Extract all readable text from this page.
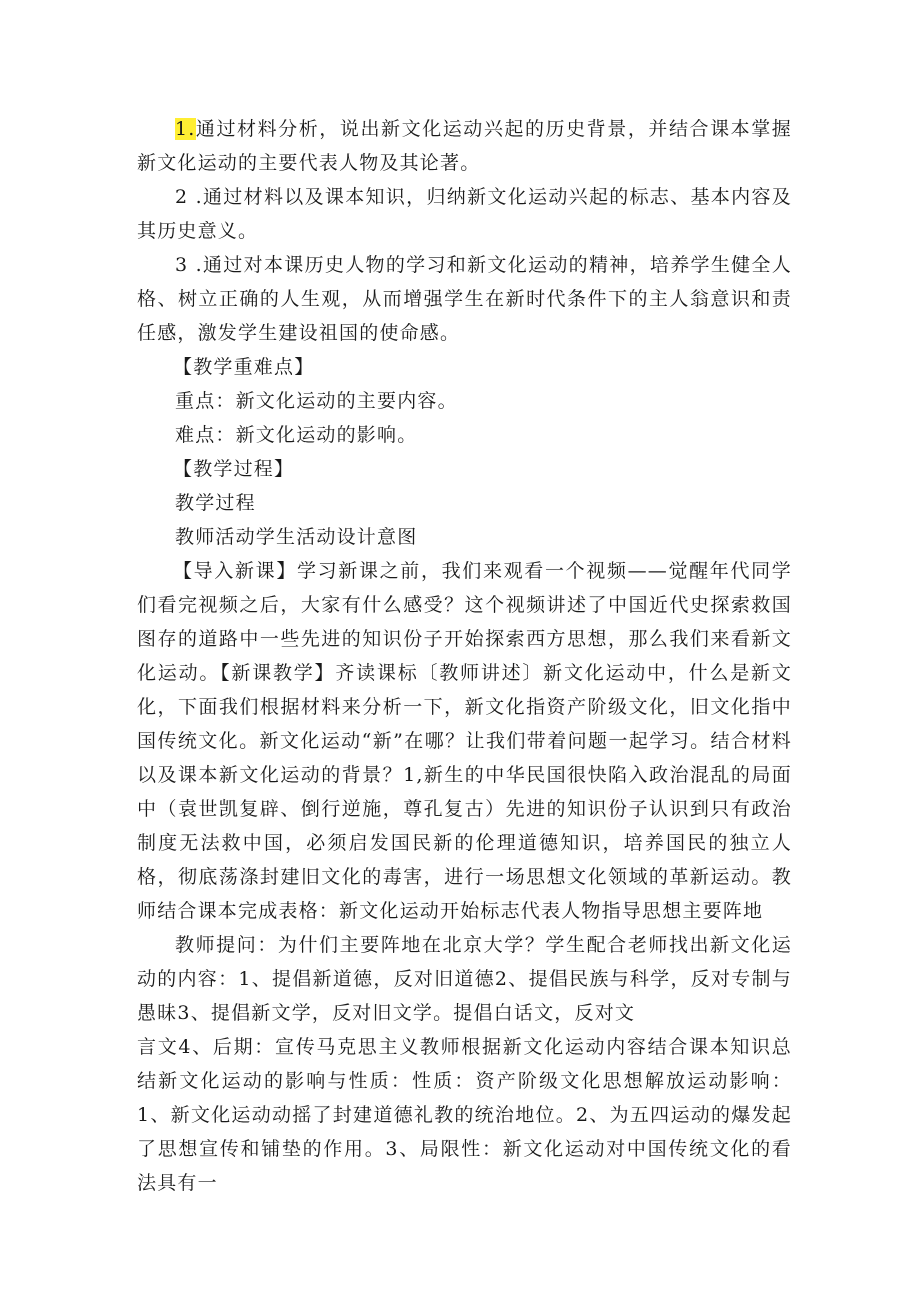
1.通过材料分析，说出新文化运动兴起的历史背景，并结合课本掌握新文化运动的主要代表人物及其论著。

2 .通过材料以及课本知识，归纳新文化运动兴起的标志、基本内容及其历史意义。

3 .通过对本课历史人物的学习和新文化运动的精神，培养学生健全人格、树立正确的人生观，从而增强学生在新时代条件下的主人翁意识和责任感，激发学生建设祖国的使命感。

【教学重难点】

重点：新文化运动的主要内容。

难点：新文化运动的影响。

【教学过程】

教学过程

教师活动学生活动设计意图

【导入新课】学习新课之前，我们来观看一个视频——觉醒年代同学们看完视频之后，大家有什么感受？这个视频讲述了中国近代史探索救国图存的道路中一些先进的知识份子开始探索西方思想，那么我们来看新文化运动。【新课教学】齐读课标〔教师讲述〕新文化运动中，什么是新文化，下面我们根据材料来分析一下，新文化指资产阶级文化，旧文化指中国传统文化。新文化运动“新”在哪？让我们带着问题一起学习。结合材料以及课本新文化运动的背景？1,新生的中华民国很快陷入政治混乱的局面中（袁世凯复辟、倒行逆施，尊孔复古）先进的知识份子认识到只有政治制度无法救中国，必须启发国民新的伦理道德知识，培养国民的独立人格，彻底荡涤封建旧文化的毒害，进行一场思想文化领域的革新运动。教师结合课本完成表格：新文化运动开始标志代表人物指导思想主要阵地

教师提问：为什们主要阵地在北京大学？学生配合老师找出新文化运动的内容：1、提倡新道德，反对旧道德2、提倡民族与科学，反对专制与愚昧3、提倡新文学，反对旧文学。提倡白话文，反对文

言文4、后期：宣传马克思主义教师根据新文化运动内容结合课本知识总结新文化运动的影响与性质：性质：资产阶级文化思想解放运动影响：1、新文化运动动摇了封建道德礼教的统治地位。2、为五四运动的爆发起了思想宣传和铺垫的作用。3、局限性：新文化运动对中国传统文化的看法具有一
